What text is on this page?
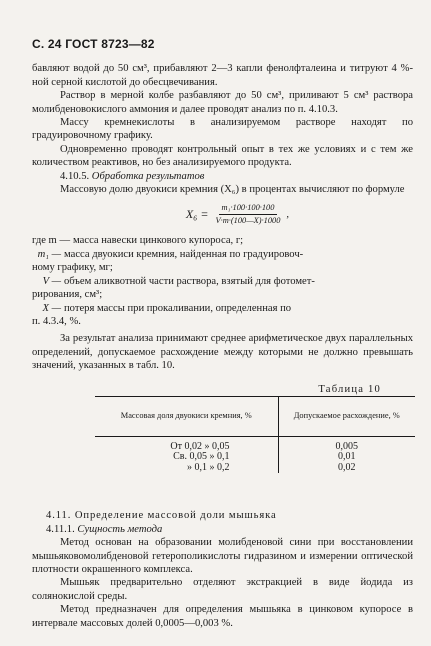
С. 24 ГОСТ 8723—82

бавляют водой до 50 см³, прибавляют 2—3 капли фенолфталеина и титруют 4 %-ной серной кислотой до обесцвечивания.

Раствор в мерной колбе разбавляют до 50 см³, приливают 5 см³ раствора молибденовокислого аммония и далее проводят анализ по п. 4.10.3.

Массу кремнекислоты в анализируемом растворе находят по градуировочному графику.

Одновременно проводят контрольный опыт в тех же условиях и с тем же количеством реактивов, но без анализируемого продукта.

4.10.5. Обработка результатов

Массовую долю двуокиси кремния (X₆) в процентах вычисляют по формуле

$X_6 = \frac{\text{m₁·100·100·100}}{V\cdot m\cdot(100—X)\cdot 1000}$ ,
где m — масса навески цинкового купороса, г;
m₁ — масса двуокиси кремния, найденная по градуировоч-
ному графику, мг;
V — объем аликвотной части раствора, взятый для фотомет-
рирования, см³;
X — потеря массы при прокаливании, определенная по
п. 4.3.4, %.

За результат анализа принимают среднее арифметическое двух параллельных определений, допускаемое расхождение между которыми не должно превышать значений, указанных в табл. 10.

Таблица 10
Массовая доля двуокиси кремния, %	Допускаемое расхождение, %
От 0,02 » 0,05	0,005
Св. 0,05 » 0,1	0,01
» 0,1 » 0,2	0,02

4.11. Определение массовой доли мышьяка

4.11.1. Сущность метода

Метод основан на образовании молибденовой сини при восстановлении мышьяковомолибденовой гетерополикислоты гидразином и измерении оптической плотности окрашенного комплекса.

Мышьяк предварительно отделяют экстракцией в виде йодида из солянокислой среды.

Метод предназначен для определения мышьяка в цинковом купоросе в интервале массовых долей 0,0005—0,003 %.
